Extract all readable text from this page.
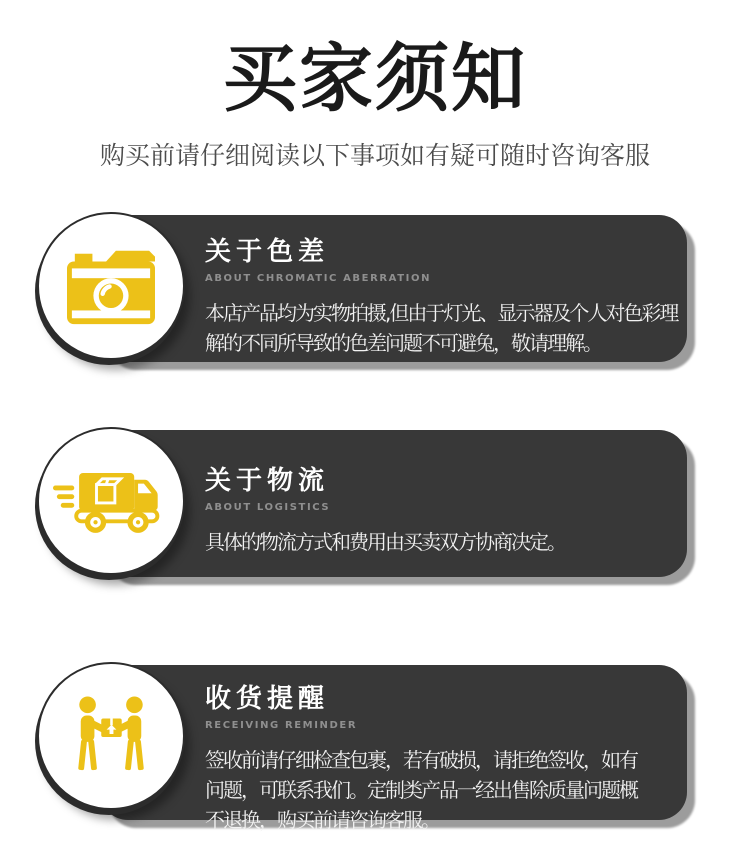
买家须知
购买前请仔细阅读以下事项如有疑可随时咨询客服
关于色差
ABOUT CHROMATIC ABERRATION
本店产品均为实物拍摄,但由于灯光、显示器及个人对色彩理
解的不同所导致的色差问题不可避兔，敬请理解。
关于物流
ABOUT LOGISTICS
具体的物流方式和费用由买卖双方协商决定。
收货提醒
RECEIVING REMINDER
签收前请仔细检查包裹，若有破损，请拒绝签收，如有
问题，可联系我们。定制类产品一经出售除质量问题概
不退换，购买前请咨询客服。
